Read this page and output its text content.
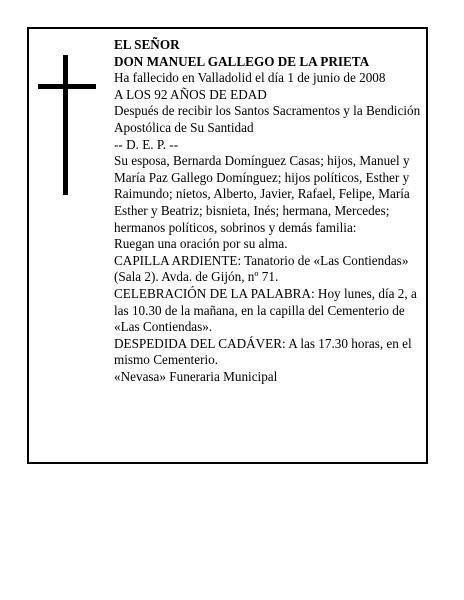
EL SEÑOR

DON MANUEL GALLEGO DE LA PRIETA

Ha fallecido en Valladolid el día 1 de junio de 2008

A LOS 92 AÑOS DE EDAD

Después de recibir los Santos Sacramentos y la Bendición Apostólica de Su Santidad

-- D. E. P. --

Su esposa, Bernarda Domínguez Casas; hijos, Manuel y María Paz Gallego Domínguez; hijos políticos, Esther y Raimundo; nietos, Alberto, Javier, Rafael, Felipe, María Esther y Beatriz; bisnieta, Inés; hermana, Mercedes; hermanos políticos, sobrinos y demás familia:

Ruegan una oración por su alma.

CAPILLA ARDIENTE: Tanatorio de «Las Contiendas» (Sala 2). Avda. de Gijón, nº 71.

CELEBRACIÓN DE LA PALABRA: Hoy lunes, día 2, a las 10.30 de la mañana, en la capilla del Cementerio de «Las Contiendas».

DESPEDIDA DEL CADÁVER: A las 17.30 horas, en el mismo Cementerio.

«Nevasa» Funeraria Municipal
